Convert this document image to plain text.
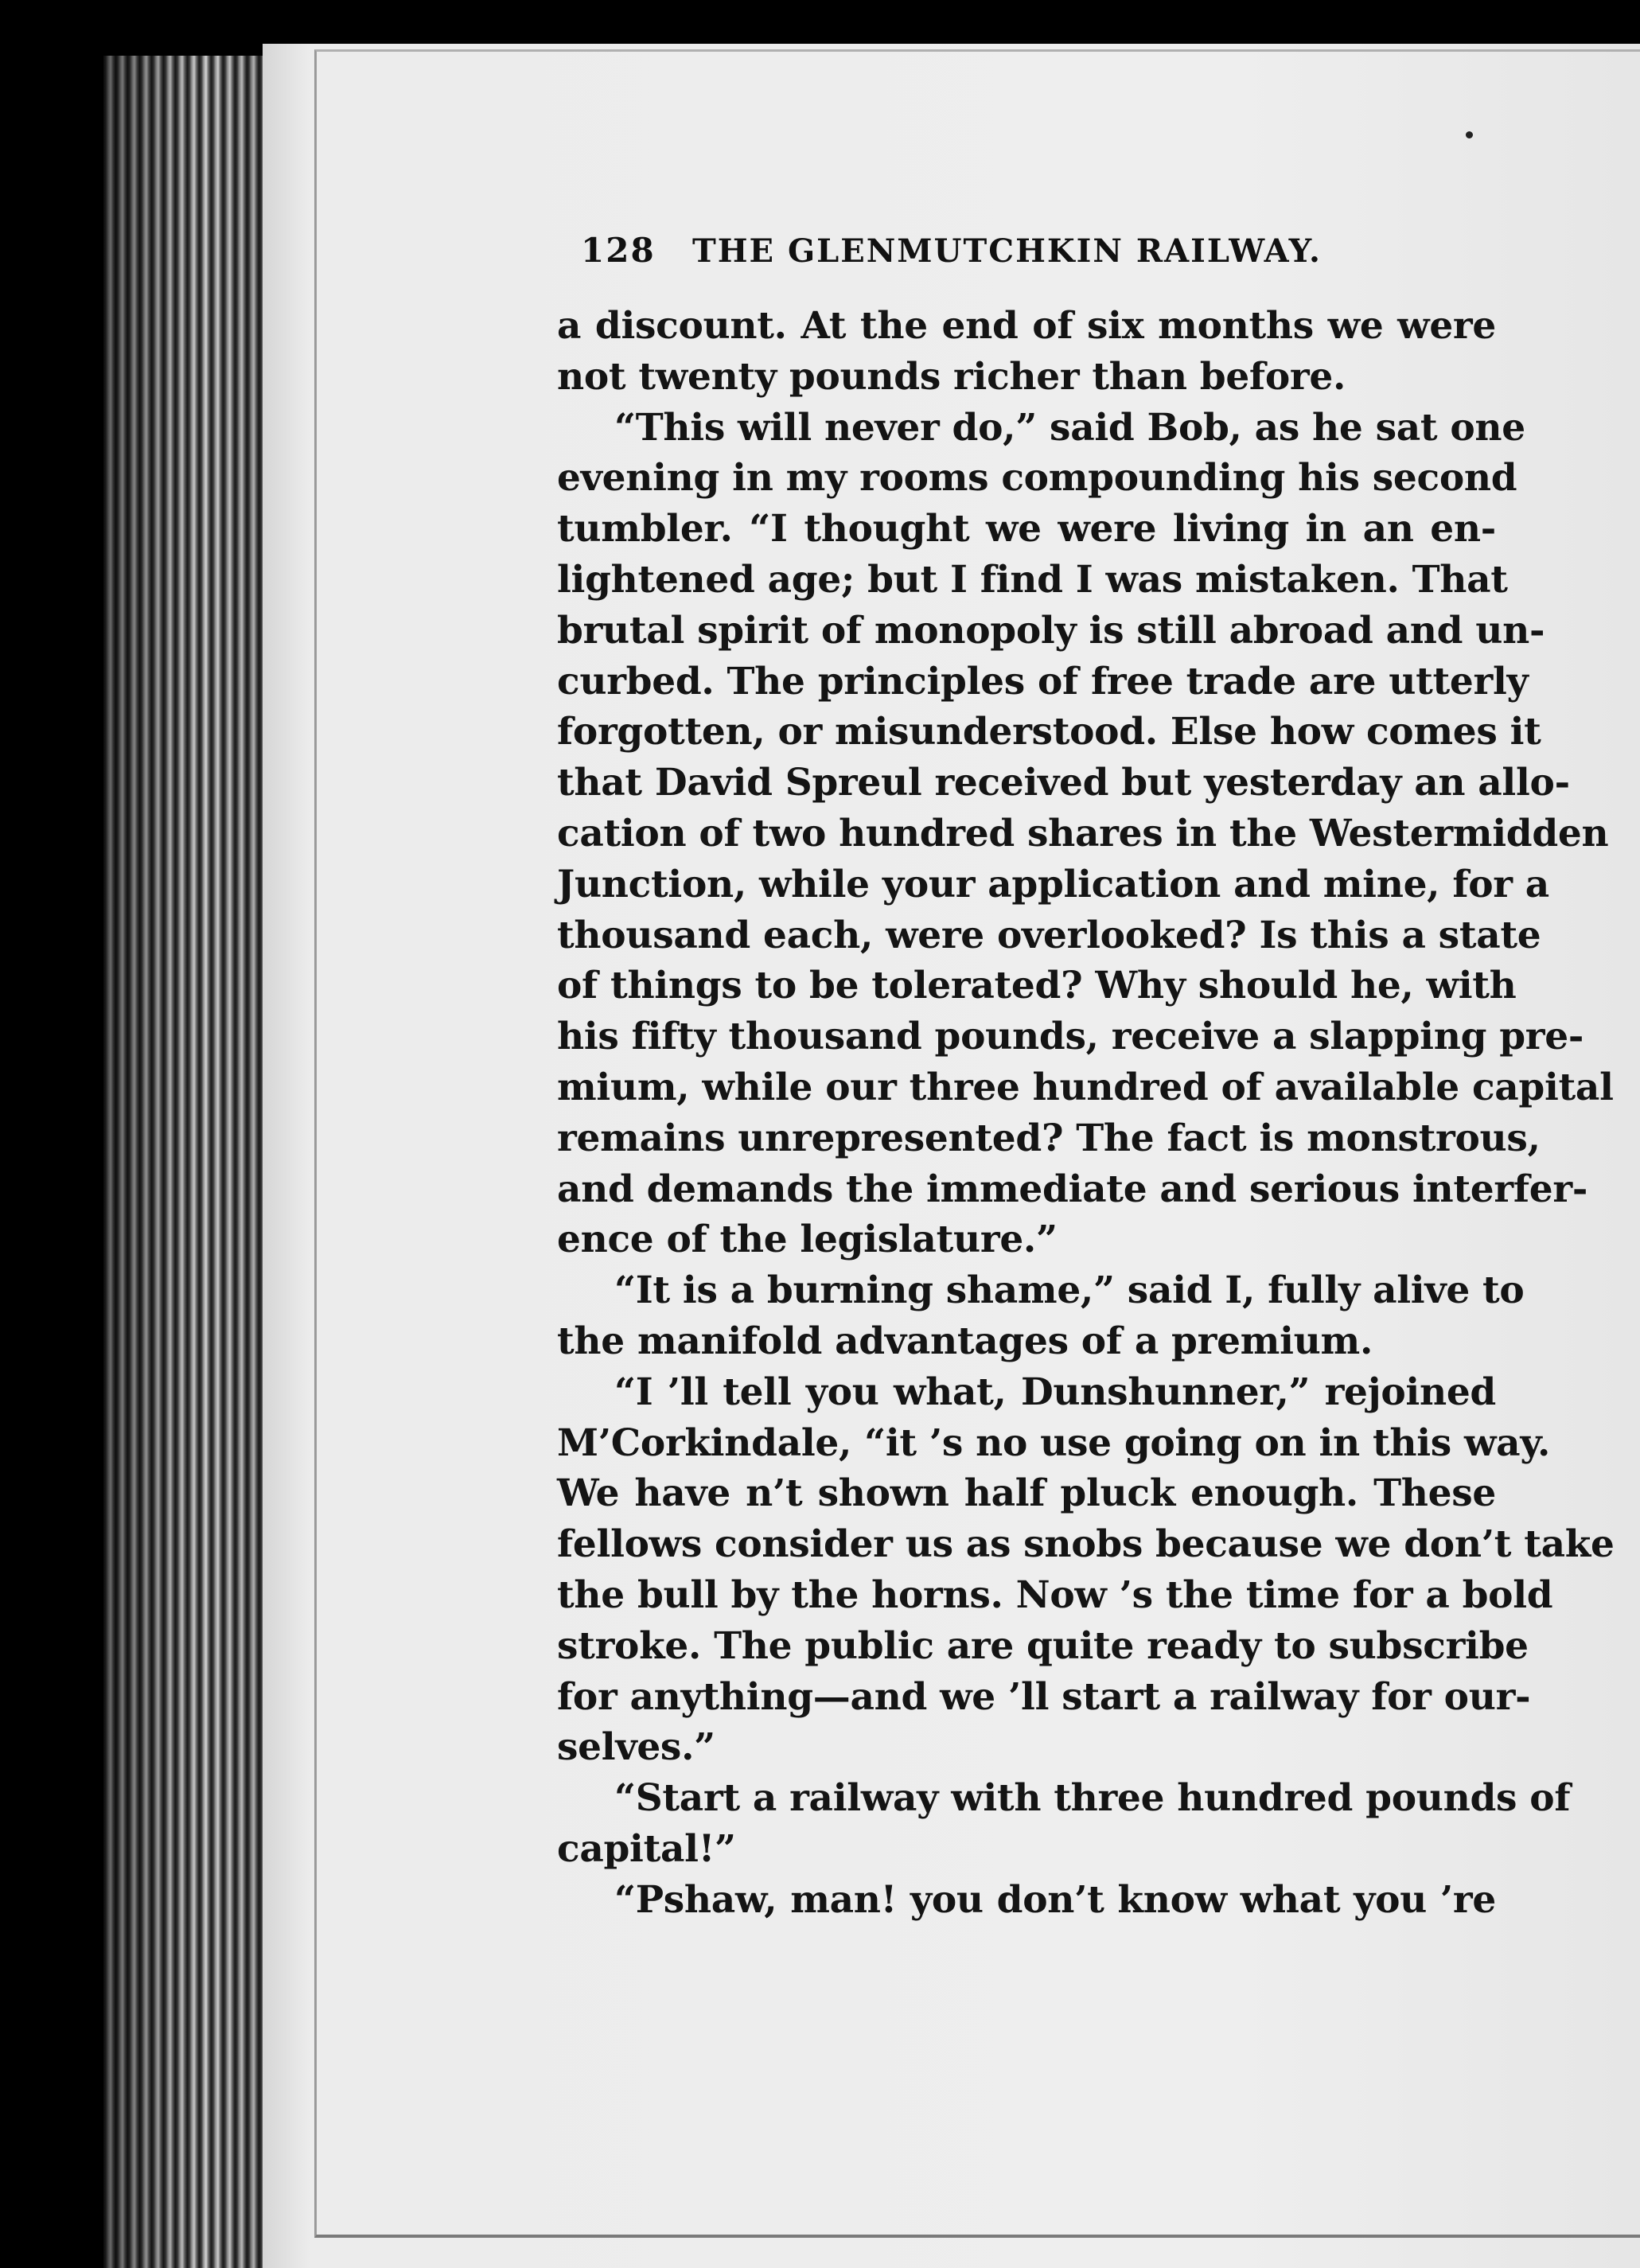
128	THE GLENMUTCHKIN RAILWAY.
a discount. At the end of six months we were
not twenty pounds richer than before.
“This will never do,” said Bob, as he sat one
evening in my rooms compounding his second
tumbler. “I thought we were living in an en-
lightened age; but I find I was mistaken. That
brutal spirit of monopoly is still abroad and un-
curbed. The principles of free trade are utterly
forgotten, or misunderstood. Else how comes it
that David Spreul received but yesterday an allo-
cation of two hundred shares in the Westermidden
Junction, while your application and mine, for a
thousand each, were overlooked? Is this a state
of things to be tolerated? Why should he, with
his fifty thousand pounds, receive a slapping pre-
mium, while our three hundred of available capital
remains unrepresented? The fact is monstrous,
and demands the immediate and serious interfer-
ence of the legislature.”
“It is a burning shame,” said I, fully alive to
the manifold advantages of a premium.
“I ’ll tell you what, Dunshunner,” rejoined
M’Corkindale, “it ’s no use going on in this way.
We have n’t shown half pluck enough. These
fellows consider us as snobs because we don’t take
the bull by the horns. Now ’s the time for a bold
stroke. The public are quite ready to subscribe
for anything—and we ’ll start a railway for our-
selves.”
“Start a railway with three hundred pounds of
capital!”
“Pshaw, man! you don’t know what you ’re
